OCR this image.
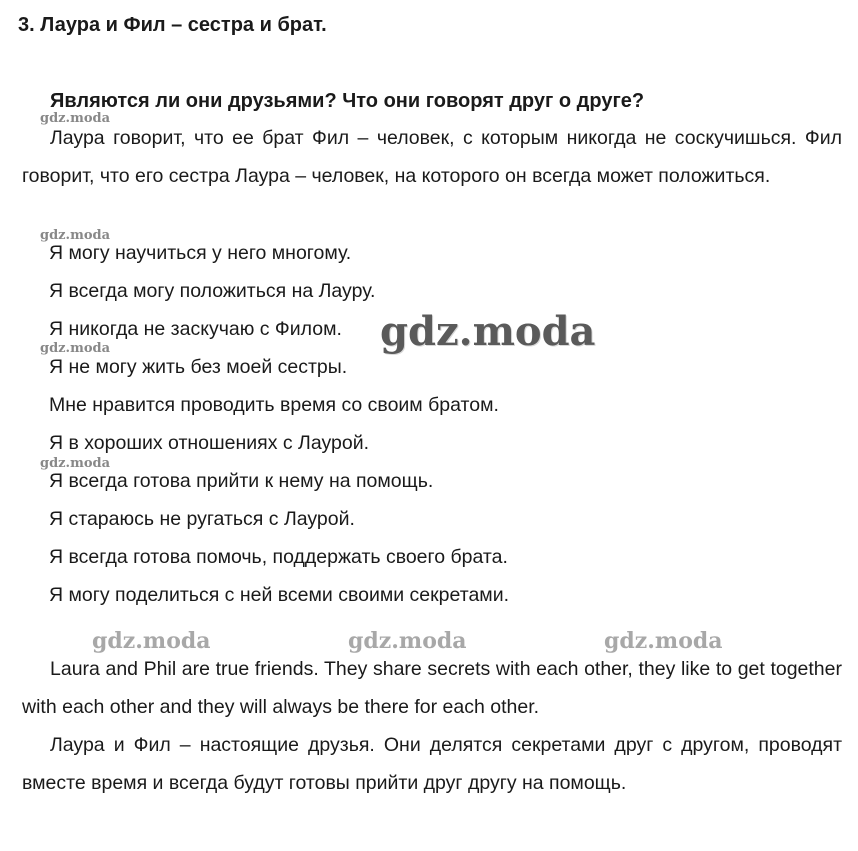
3. Лаура и Фил – сестра и брат.
Являются ли они друзьями? Что они говорят друг о друге?
Лаура говорит, что ее брат Фил – человек, с которым никогда не соскучишься. Фил говорит, что его сестра Лаура – человек, на которого он всегда может положиться.
Я могу научиться у него многому.
Я всегда могу положиться на Лауру.
Я никогда не заскучаю с Филом.
Я не могу жить без моей сестры.
Мне нравится проводить время со своим братом.
Я в хороших отношениях с Лаурой.
Я всегда готова прийти к нему на помощь.
Я стараюсь не ругаться с Лаурой.
Я всегда готова помочь, поддержать своего брата.
Я могу поделиться с ней всеми своими секретами.
Laura and Phil are true friends. They share secrets with each other, they like to get together with each other and they will always be there for each other.
Лаура и Фил – настоящие друзья. Они делятся секретами друг с другом, проводят вместе время и всегда будут готовы прийти друг другу на помощь.
gdz.moda
gdz.moda
gdz.moda
gdz.moda
gdz.moda
gdz.moda	gdz.moda	gdz.moda
